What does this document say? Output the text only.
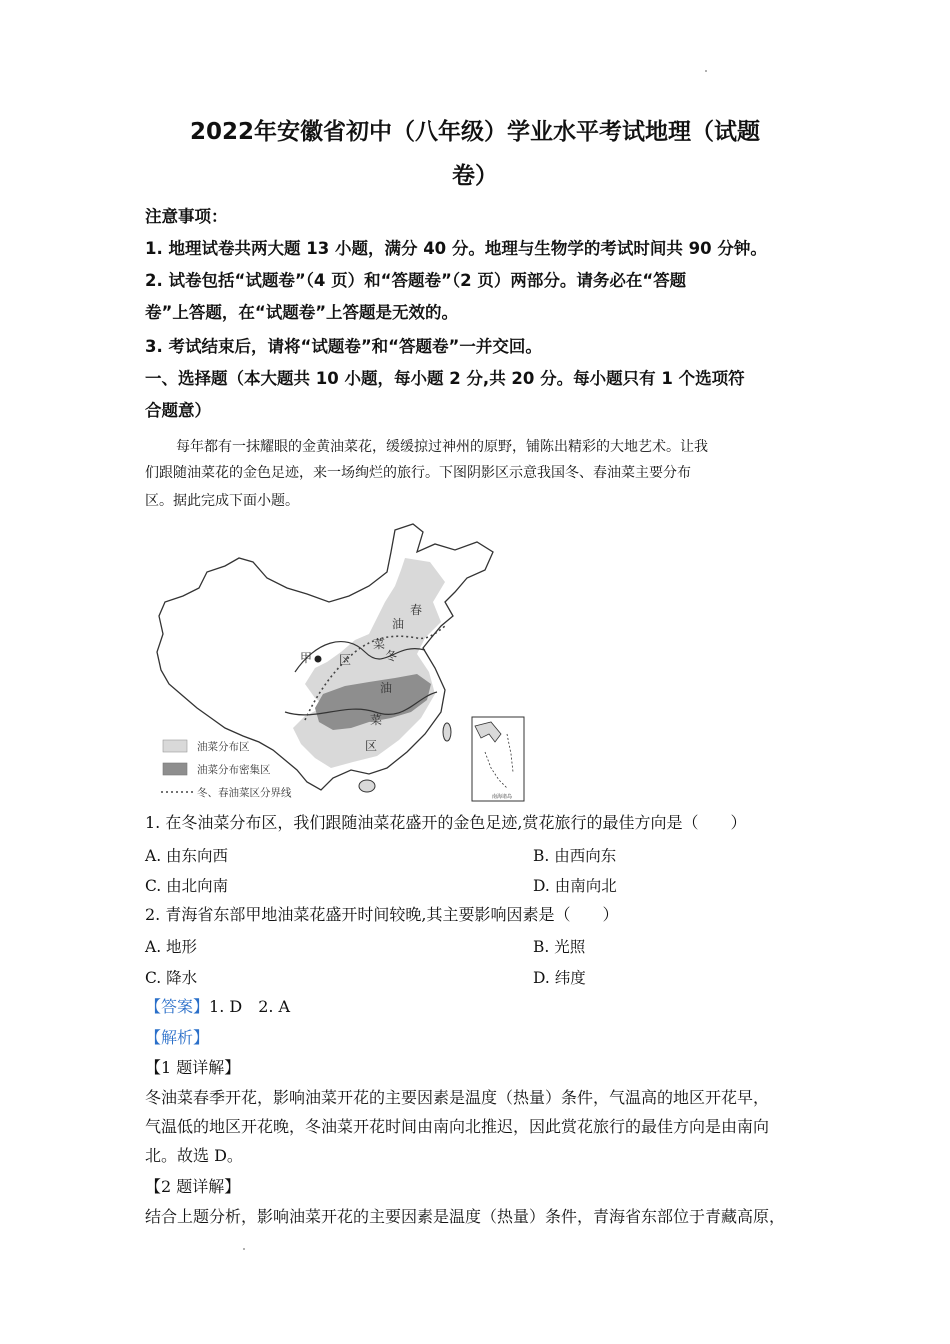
2022年安徽省初中（八年级）学业水平考试地理（试题
卷）
注意事项：
1. 地理试卷共两大题 13 小题，满分 40 分。地理与生物学的考试时间共 90 分钟。
2. 试卷包括“试题卷”（4 页）和“答题卷”（2 页）两部分。请务必在“答题
卷”上答题，在“试题卷”上答题是无效的。
3. 考试结束后，请将“试题卷”和“答题卷”一并交回。
一、选择题（本大题共 10 小题，每小题 2 分,共 20 分。每小题只有 1 个选项符
合题意）
每年都有一抹耀眼的金黄油菜花，缓缓掠过神州的原野，铺陈出精彩的大地艺术。让我
们跟随油菜花的金色足迹，来一场绚烂的旅行。下图阴影区示意我国冬、春油菜主要分布
区。据此完成下面小题。
甲
春
油
菜
区	冬
油
菜
区
南海诸岛
油菜分布区
油菜分布密集区
冬、春油菜区分界线
1. 在冬油菜分布区，我们跟随油菜花盛开的金色足迹,赏花旅行的最佳方向是（　　）
A. 由东向西	B. 由西向东
C. 由北向南	D. 由南向北
2. 青海省东部甲地油菜花盛开时间较晚,其主要影响因素是（　　）
A. 地形	B. 光照
C. 降水	D. 纬度
【答案】1. D　2. A
【解析】
【1 题详解】
冬油菜春季开花，影响油菜开花的主要因素是温度（热量）条件，气温高的地区开花早，
气温低的地区开花晚，冬油菜开花时间由南向北推迟，因此赏花旅行的最佳方向是由南向
北。故选 D。
【2 题详解】
结合上题分析，影响油菜开花的主要因素是温度（热量）条件，青海省东部位于青藏高原，
